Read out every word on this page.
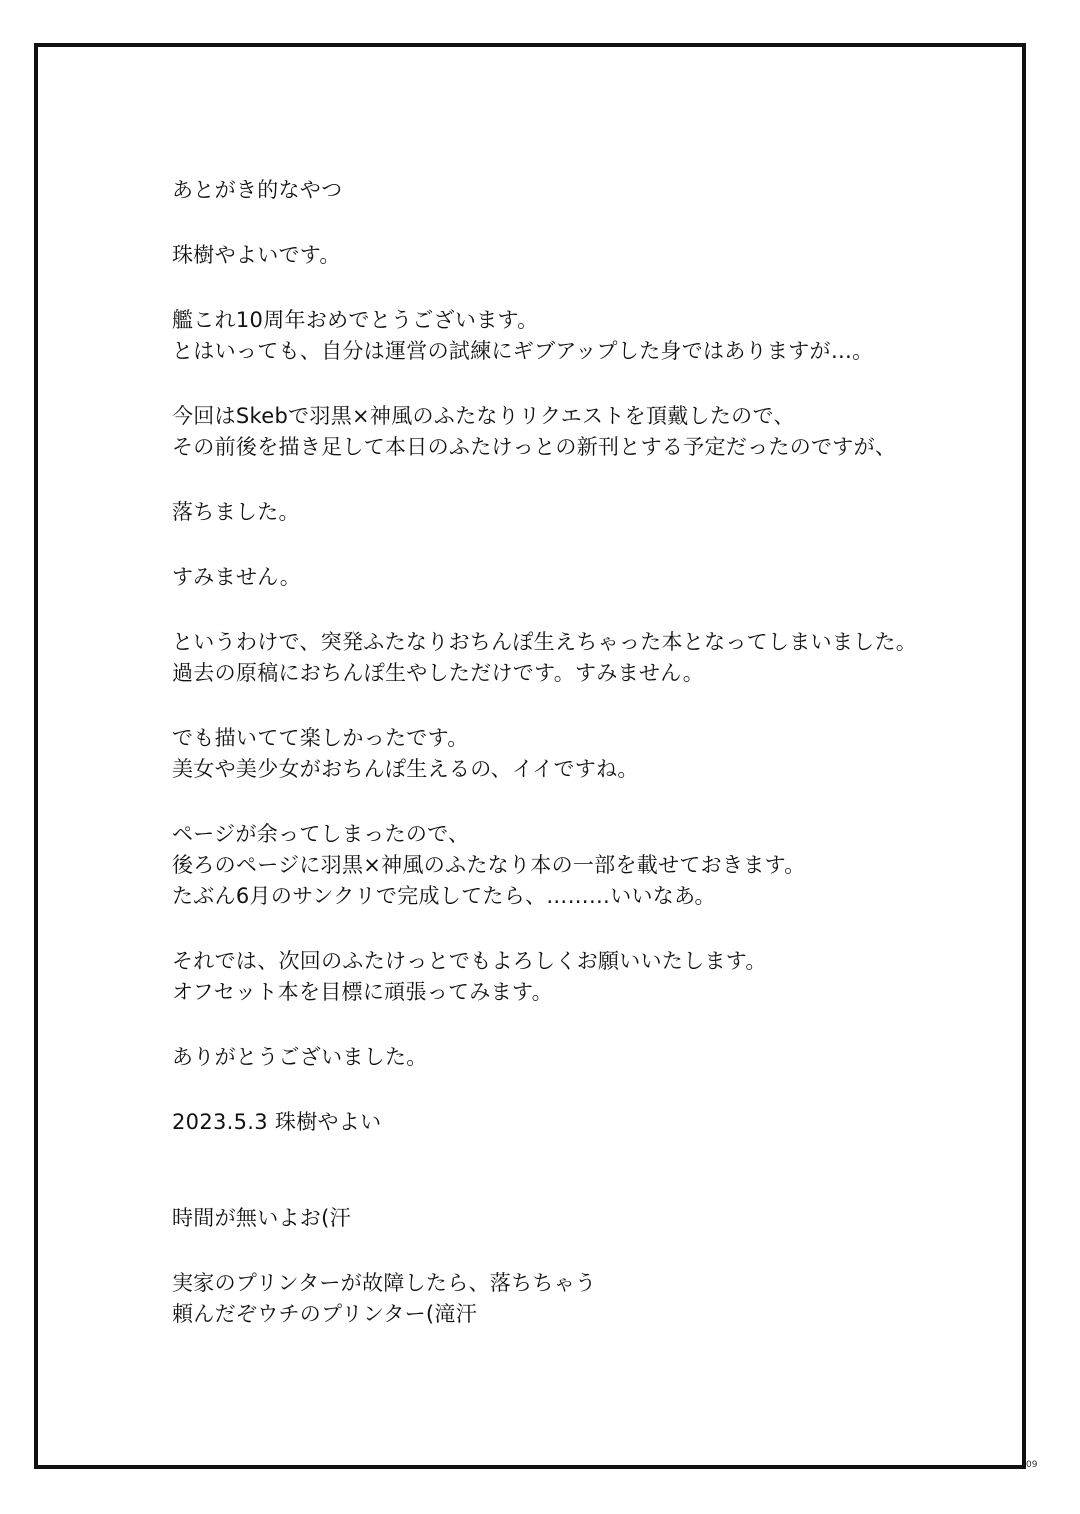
あとがき的なやつ
珠樹やよいです。
艦これ10周年おめでとうございます。
とはいっても、自分は運営の試練にギブアップした身ではありますが…。
今回はSkebで羽黒×神風のふたなりリクエストを頂戴したので、
その前後を描き足して本日のふたけっとの新刊とする予定だったのですが、
落ちました。
すみません。
というわけで、突発ふたなりおちんぽ生えちゃった本となってしまいました。
過去の原稿におちんぽ生やしただけです。すみません。
でも描いてて楽しかったです。
美女や美少女がおちんぽ生えるの、イイですね。
ページが余ってしまったので、
後ろのページに羽黒×神風のふたなり本の一部を載せておきます。
たぶん6月のサンクリで完成してたら、………いいなあ。
それでは、次回のふたけっとでもよろしくお願いいたします。
オフセット本を目標に頑張ってみます。
ありがとうございました。
2023.5.3 珠樹やよい
時間が無いよお(汗
実家のプリンターが故障したら、落ちちゃう
頼んだぞウチのプリンター(滝汗
09
